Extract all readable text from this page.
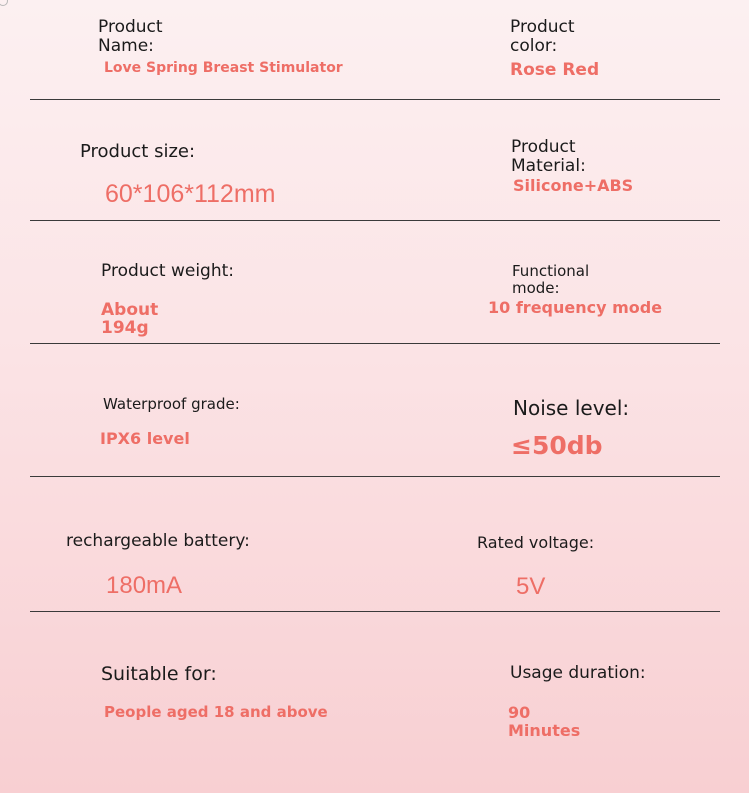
Product
Name:
Love Spring Breast Stimulator
Product
color:
Rose Red
Product size:
60*106*112mm
Product
Material:
Silicone+ABS
Product weight:
About
194g
Functional
mode:
10 frequency mode
Waterproof grade:
IPX6 level
Noise level:
≤50db
rechargeable battery:
180mA
Rated voltage:
5V
Suitable for:
People aged 18 and above
Usage duration:
90
Minutes
